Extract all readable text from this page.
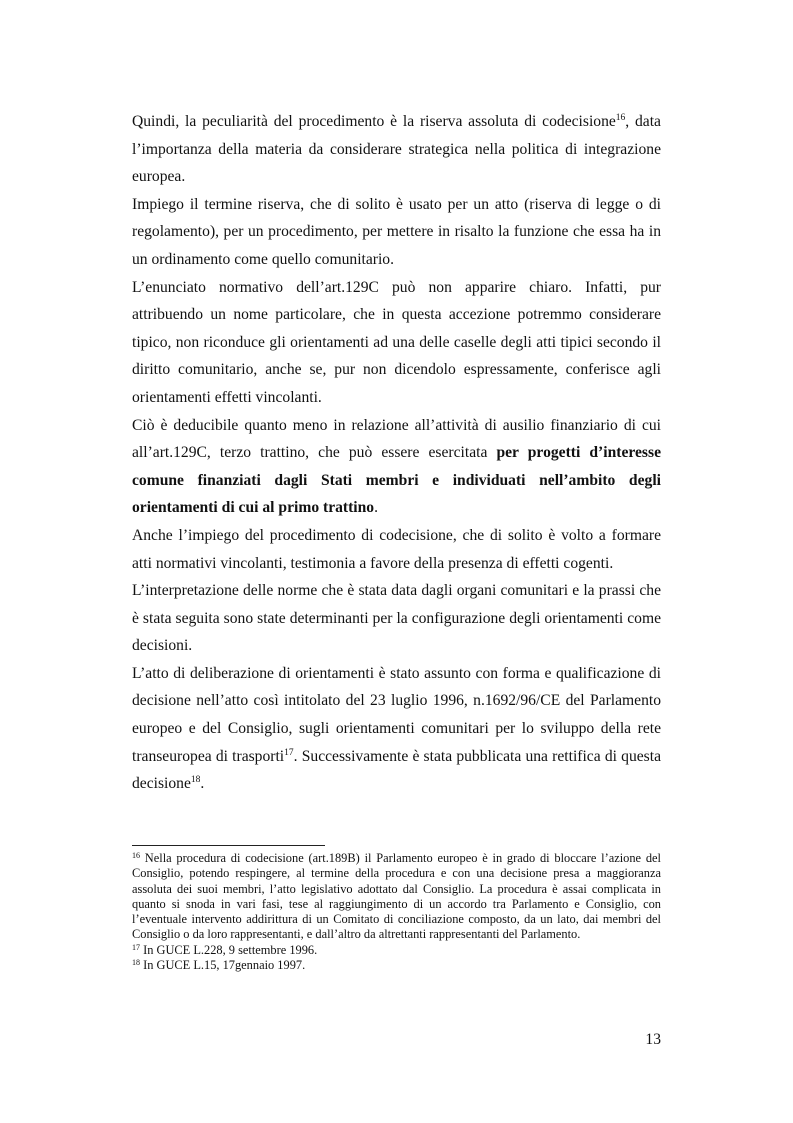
Quindi, la peculiarità del procedimento è la riserva assoluta di codecisione$^{16}$, data l’importanza della materia da considerare strategica nella politica di integrazione europea.

Impiego il termine riserva, che di solito è usato per un atto (riserva di legge o di regolamento), per un procedimento, per mettere in risalto la funzione che essa ha in un ordinamento come quello comunitario.

L’enunciato normativo dell’art.129C può non apparire chiaro. Infatti, pur attribuendo un nome particolare, che in questa accezione potremmo considerare tipico, non riconduce gli orientamenti ad una delle caselle degli atti tipici secondo il diritto comunitario, anche se, pur non dicendolo espressamente, conferisce agli orientamenti effetti vincolanti.

Ciò è deducibile quanto meno in relazione all’attività di ausilio finanziario di cui all’art.129C, terzo trattino, che può essere esercitata per progetti d’interesse comune finanziati dagli Stati membri e individuati nell’ambito degli orientamenti di cui al primo trattino.

Anche l’impiego del procedimento di codecisione, che di solito è volto a formare atti normativi vincolanti, testimonia a favore della presenza di effetti cogenti.

L’interpretazione delle norme che è stata data dagli organi comunitari e la prassi che è stata seguita sono state determinanti per la configurazione degli orientamenti come decisioni.

L’atto di deliberazione di orientamenti è stato assunto con forma e qualificazione di decisione nell’atto così intitolato del 23 luglio 1996, n.1692/96/CE del Parlamento europeo e del Consiglio, sugli orientamenti comunitari per lo sviluppo della rete transeuropea di trasporti$^{17}$. Successivamente è stata pubblicata una rettifica di questa decisione$^{18}$.

$^{16}$ Nella procedura di codecisione (art.189B) il Parlamento europeo è in grado di bloccare l’azione del Consiglio, potendo respingere, al termine della procedura e con una decisione presa a maggioranza assoluta dei suoi membri, l’atto legislativo adottato dal Consiglio. La procedura è assai complicata in quanto si snoda in vari fasi, tese al raggiungimento di un accordo tra Parlamento e Consiglio, con l’eventuale intervento addirittura di un Comitato di conciliazione composto, da un lato, dai membri del Consiglio o da loro rappresentanti, e dall’altro da altrettanti rappresentanti del Parlamento.

$^{17}$ In GUCE L.228, 9 settembre 1996.

$^{18}$ In GUCE L.15, 17gennaio 1997.

13
